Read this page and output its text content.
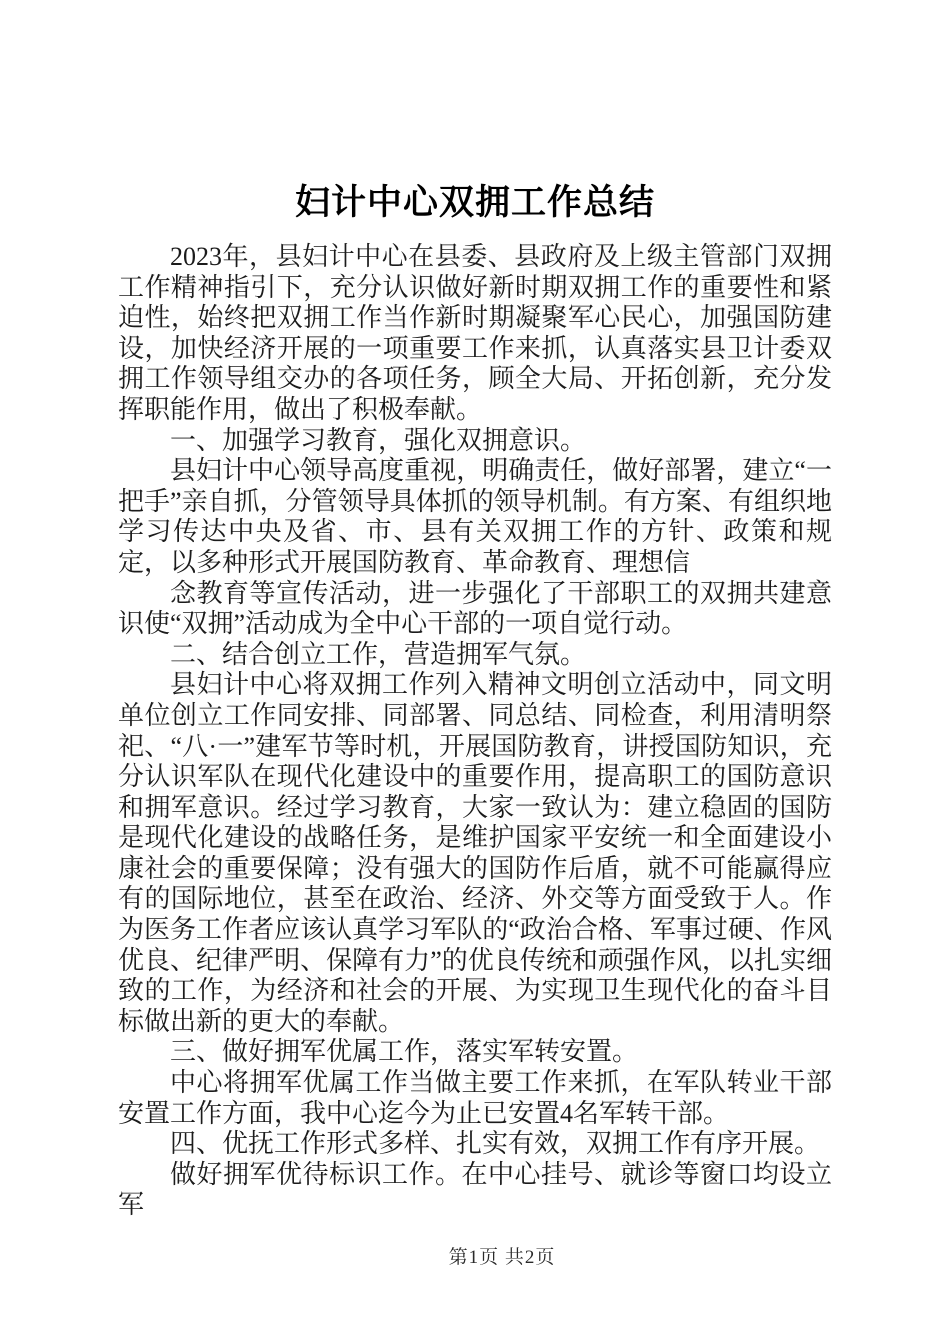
妇计中心双拥工作总结

2023年，县妇计中心在县委、县政府及上级主管部门双拥工作精神指引下，充分认识做好新时期双拥工作的重要性和紧迫性，始终把双拥工作当作新时期凝聚军心民心，加强国防建设，加快经济开展的一项重要工作来抓，认真落实县卫计委双拥工作领导组交办的各项任务，顾全大局、开拓创新，充分发挥职能作用，做出了积极奉献。

一、加强学习教育，强化双拥意识。

县妇计中心领导高度重视，明确责任，做好部署，建立“一把手”亲自抓，分管领导具体抓的领导机制。有方案、有组织地学习传达中央及省、市、县有关双拥工作的方针、政策和规定，以多种形式开展国防教育、革命教育、理想信

念教育等宣传活动，进一步强化了干部职工的双拥共建意识使“双拥”活动成为全中心干部的一项自觉行动。

二、结合创立工作，营造拥军气氛。

县妇计中心将双拥工作列入精神文明创立活动中，同文明单位创立工作同安排、同部署、同总结、同检查，利用清明祭祀、“八·一”建军节等时机，开展国防教育，讲授国防知识，充分认识军队在现代化建设中的重要作用，提高职工的国防意识和拥军意识。经过学习教育，大家一致认为：建立稳固的国防是现代化建设的战略任务，是维护国家平安统一和全面建设小康社会的重要保障；没有强大的国防作后盾，就不可能赢得应有的国际地位，甚至在政治、经济、外交等方面受致于人。作为医务工作者应该认真学习军队的“政治合格、军事过硬、作风优良、纪律严明、保障有力”的优良传统和顽强作风，以扎实细致的工作，为经济和社会的开展、为实现卫生现代化的奋斗目标做出新的更大的奉献。

三、做好拥军优属工作，落实军转安置。

中心将拥军优属工作当做主要工作来抓，在军队转业干部安置工作方面，我中心迄今为止已安置4名军转干部。

四、优抚工作形式多样、扎实有效，双拥工作有序开展。

做好拥军优待标识工作。在中心挂号、就诊等窗口均设立军

第1页 共2页
